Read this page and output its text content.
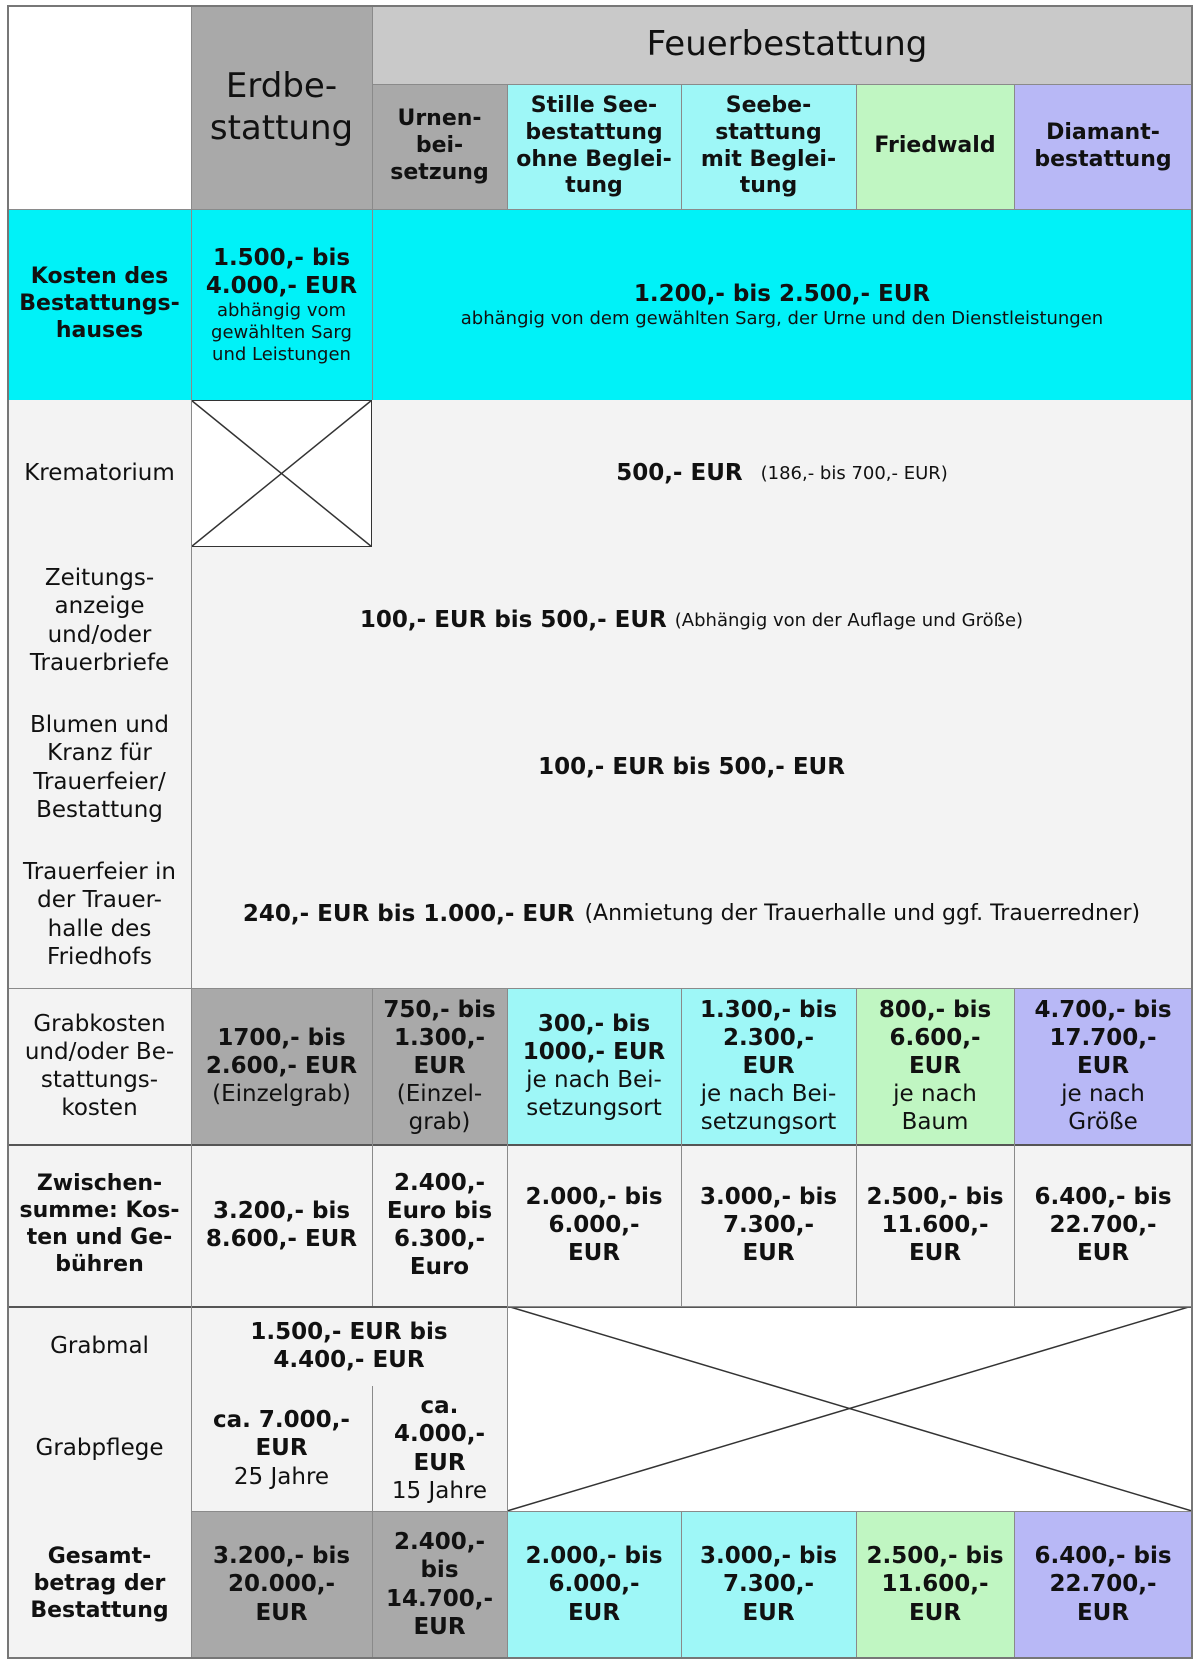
Erdbe-
stattung
Feuerbestattung
Urnen-
bei-
setzung
Stille See-
bestattung
ohne Beglei-
tung
Seebe-
stattung
mit Beglei-
tung
Friedwald
Diamant-
bestattung
Kosten des
Bestattungs-
hauses
1.500,- bis
4.000,- EUR
abhängig vom
gewählten Sarg
und Leistungen
1.200,- bis 2.500,- EUR
abhängig von dem gewählten Sarg, der Urne und den Dienstleistungen
Krematorium	500,- EUR (186,- bis 700,- EUR)
Zeitungs-
anzeige
und/oder
Trauerbriefe
100,- EUR bis 500,- EUR (Abhängig von der Auflage und Größe)
Blumen und
Kranz für
Trauerfeier/
Bestattung
100,- EUR bis 500,- EUR
Trauerfeier in
der Trauer-
halle des
Friedhofs
240,- EUR bis 1.000,- EUR (Anmietung der Trauerhalle und ggf. Trauerredner)
Grabkosten
und/oder Be-
stattungs-
kosten
1700,- bis
2.600,- EUR
(Einzelgrab)
750,- bis
1.300,-
EUR
(Einzel-
grab)
300,- bis
1000,- EUR
je nach Bei-
setzungsort
1.300,- bis
2.300,-
EUR
je nach Bei-
setzungsort
800,- bis
6.600,-
EUR
je nach
Baum
4.700,- bis
17.700,-
EUR
je nach
Größe
Zwischen-
summe: Kos-
ten und Ge-
bühren
3.200,- bis
8.600,- EUR
2.400,-
Euro bis
6.300,-
Euro
2.000,- bis
6.000,-
EUR
3.000,- bis
7.300,-
EUR
2.500,- bis
11.600,-
EUR
6.400,- bis
22.700,-
EUR
Grabmal
1.500,- EUR bis
4.400,- EUR
Grabpflege
ca. 7.000,-
EUR
25 Jahre
ca.
4.000,-
EUR
15 Jahre
Gesamt-
betrag der
Bestattung
3.200,- bis
20.000,-
EUR
2.400,-
bis
14.700,-
EUR
2.000,- bis
6.000,-
EUR
3.000,- bis
7.300,-
EUR
2.500,- bis
11.600,-
EUR
6.400,- bis
22.700,-
EUR
